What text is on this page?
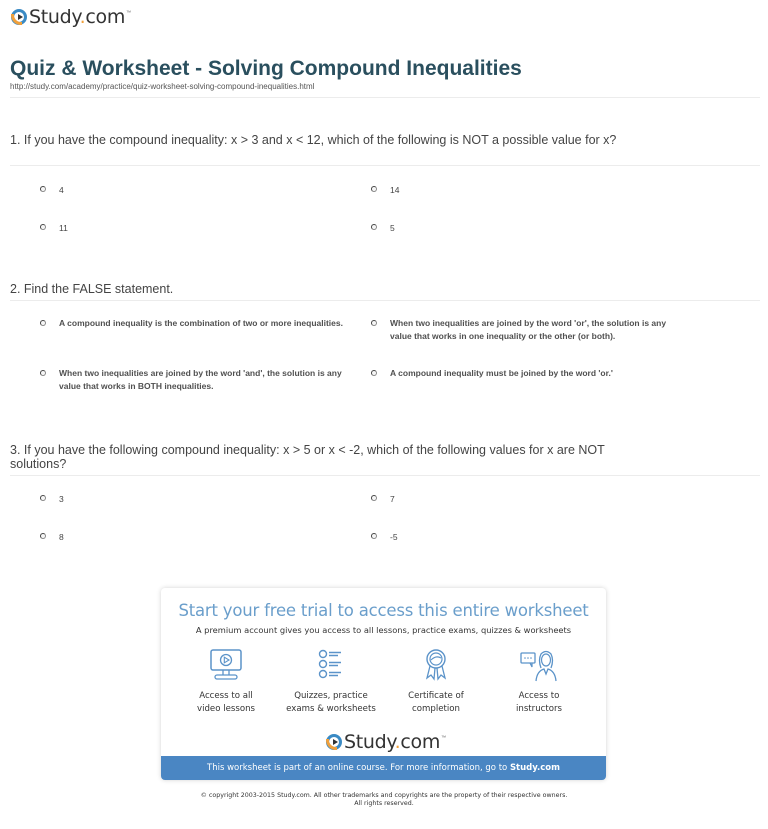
Study.com ™
Quiz & Worksheet - Solving Compound Inequalities
http://study.com/academy/practice/quiz-worksheet-solving-compound-inequalities.html
1. If you have the compound inequality: x > 3 and x < 12, which of the following is NOT a possible value for x?
4	14
11	5
2. Find the FALSE statement.
A compound inequality is the combination of two or more inequalities.	When two inequalities are joined by the word 'or', the solution is any value that works in one inequality or the other (or both).
When two inequalities are joined by the word 'and', the solution is any value that works in BOTH inequalities.
A compound inequality must be joined by the word 'or.'
3. If you have the following compound inequality: x > 5 or x < -2, which of the following values for x are NOT solutions?
3	7
8	-5
Start your free trial to access this entire worksheet
A premium account gives you access to all lessons, practice exams, quizzes & worksheets
Access to all
video lessons
Quizzes, practice
exams & worksheets
Certificate of
completion
Access to
instructors
Study.com ™
This worksheet is part of an online course. For more information, go to Study.com
© copyright 2003-2015 Study.com. All other trademarks and copyrights are the property of their respective owners.
All rights reserved.
